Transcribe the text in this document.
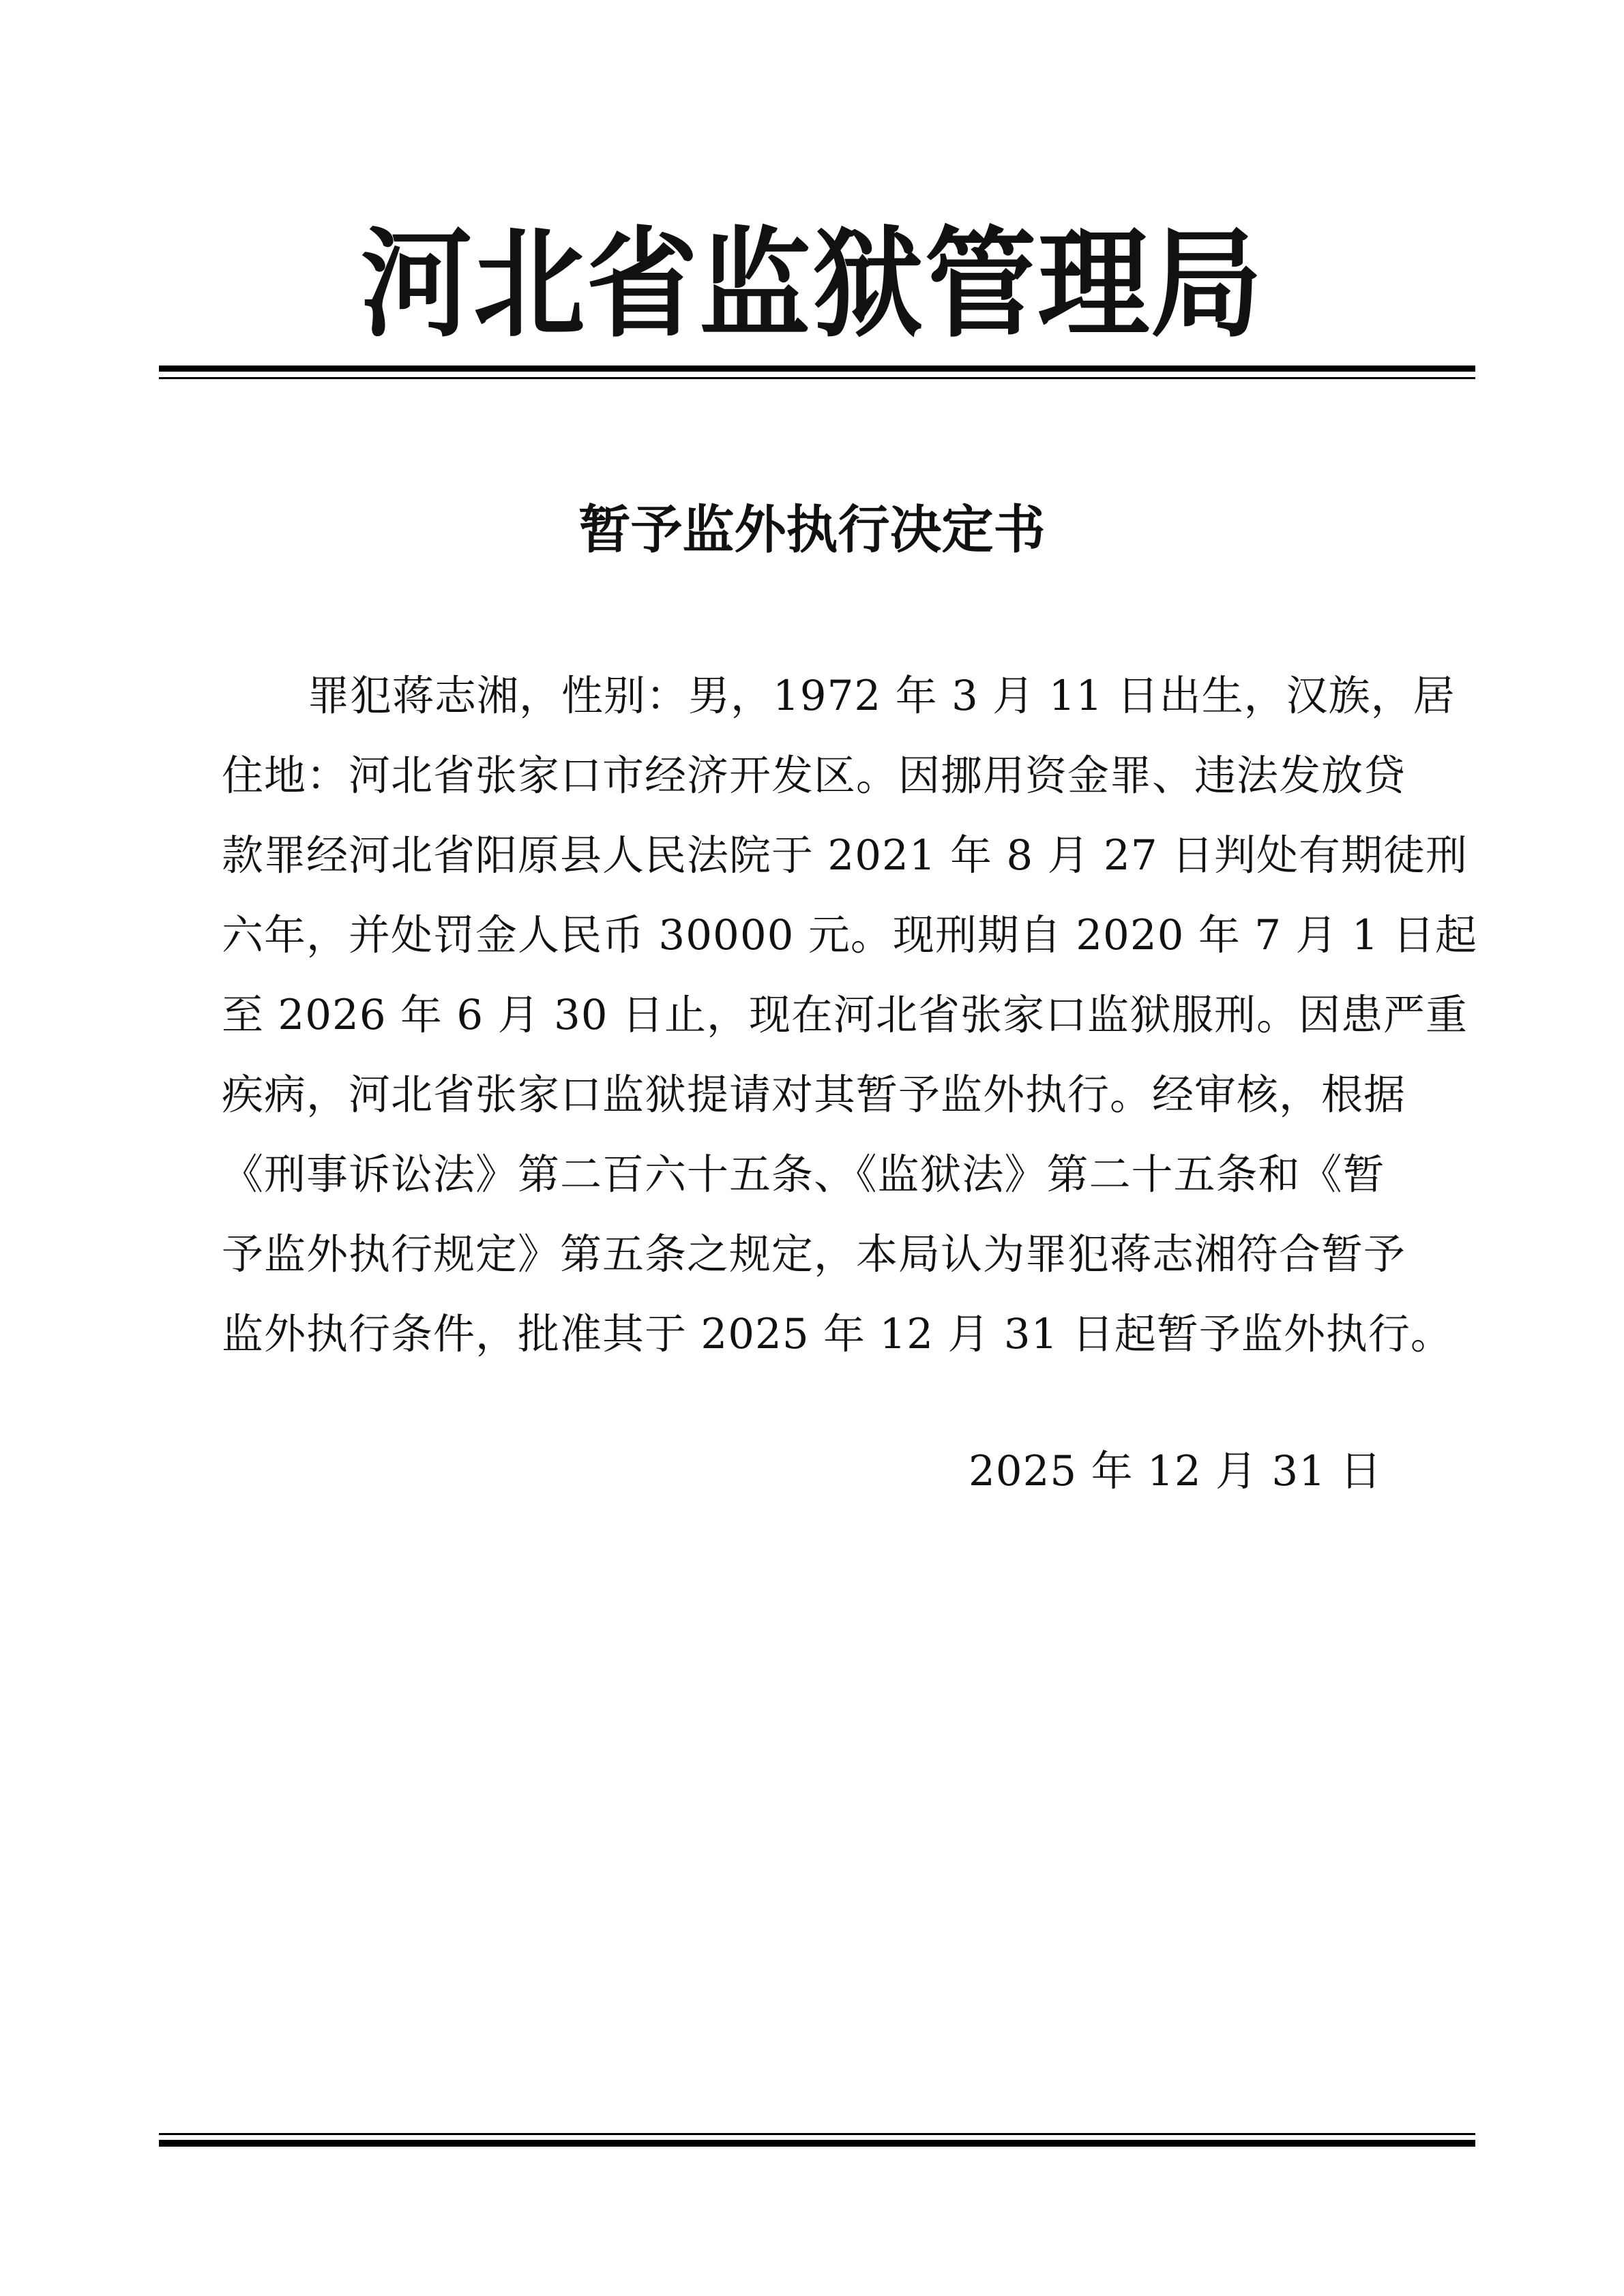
河北省监狱管理局
暂予监外执行决定书
罪犯蒋志湘，性别：男，1972 年 3 月 11 日出生，汉族，居
住地：河北省张家口市经济开发区。因挪用资金罪、违法发放贷
款罪经河北省阳原县人民法院于 2021 年 8 月 27 日判处有期徒刑
六年，并处罚金人民币 30000 元。现刑期自 2020 年 7 月 1 日起
至 2026 年 6 月 30 日止，现在河北省张家口监狱服刑。因患严重
疾病，河北省张家口监狱提请对其暂予监外执行。经审核，根据
《刑事诉讼法》第二百六十五条、《监狱法》第二十五条和《暂
予监外执行规定》第五条之规定，本局认为罪犯蒋志湘符合暂予
监外执行条件，批准其于 2025 年 12 月 31 日起暂予监外执行。
2025 年 12 月 31 日
